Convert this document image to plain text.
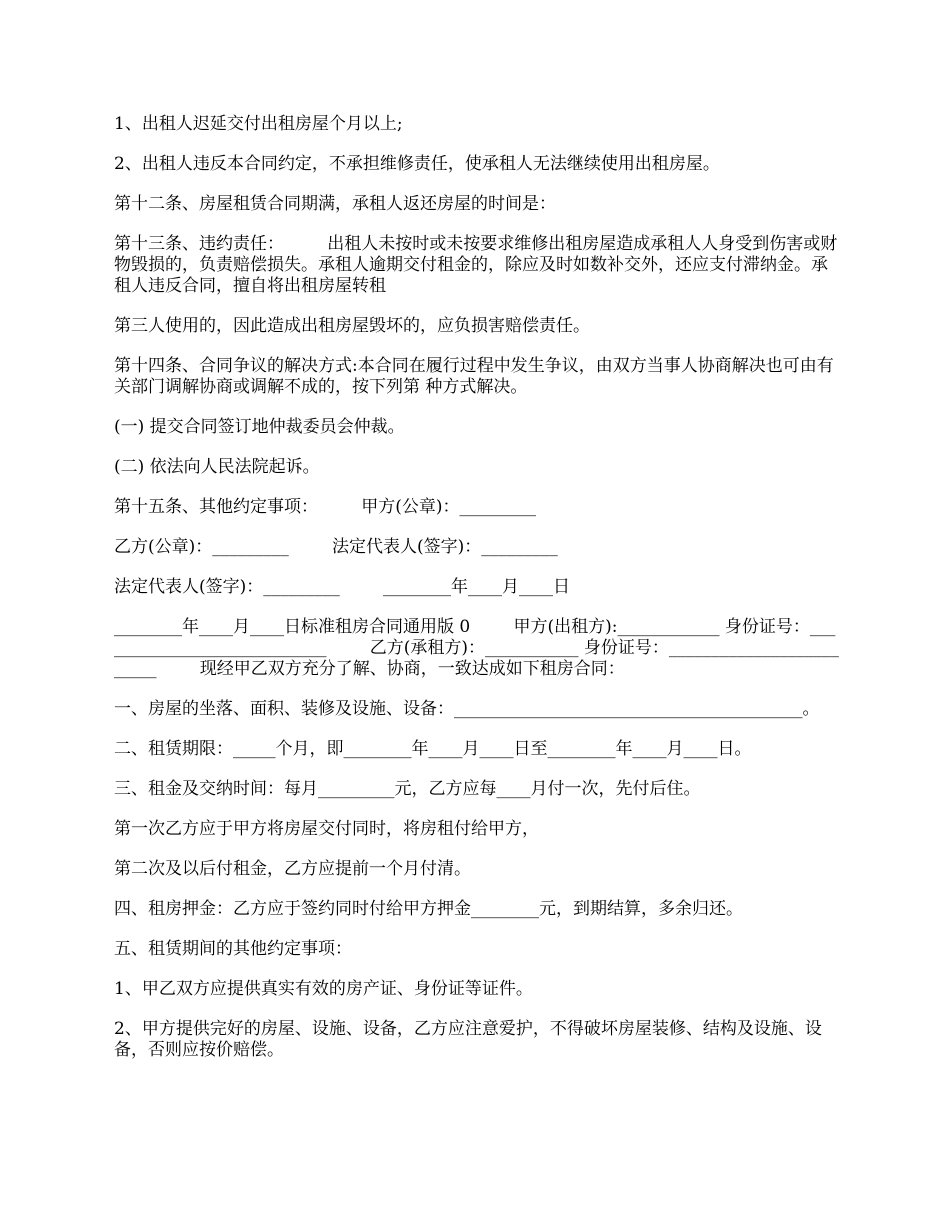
1、出租人迟延交付出租房屋个月以上;

2、出租人违反本合同约定，不承担维修责任，使承租人无法继续使用出租房屋。

第十二条、房屋租赁合同期满，承租人返还房屋的时间是：

第十三条、违约责任：        出租人未按时或未按要求维修出租房屋造成承租人人身受到伤害或财物毁损的，负责赔偿损失。承租人逾期交付租金的，除应及时如数补交外，还应支付滞纳金。承租人违反合同，擅自将出租房屋转租

第三人使用的，因此造成出租房屋毁坏的，应负损害赔偿责任。

第十四条、合同争议的解决方式:本合同在履行过程中发生争议，由双方当事人协商解决也可由有关部门调解协商或调解不成的，按下列第 种方式解决。

(一) 提交合同签订地仲裁委员会仲裁。

(二) 依法向人民法院起诉。

第十五条、其他约定事项：        甲方(公章)：_________

乙方(公章)：_________        法定代表人(签字)：_________

法定代表人(签字)：_________        ________年____月____日

________年____月____日标准租房合同通用版 0        甲方(出租方):____________ 身份证号：____________________________        乙方(承租方)：___________ 身份证号：_________________________        现经甲乙双方充分了解、协商，一致达成如下租房合同：

一、房屋的坐落、面积、装修及设施、设备：_________________________________________。

二、租赁期限：_____个月，即________年____月____日至________年____月____日。

三、租金及交纳时间：每月_________元，乙方应每____月付一次，先付后住。

第一次乙方应于甲方将房屋交付同时，将房租付给甲方，

第二次及以后付租金，乙方应提前一个月付清。

四、租房押金：乙方应于签约同时付给甲方押金________元，到期结算，多余归还。

五、租赁期间的其他约定事项：

1、甲乙双方应提供真实有效的房产证、身份证等证件。

2、甲方提供完好的房屋、设施、设备，乙方应注意爱护，不得破坏房屋装修、结构及设施、设备，否则应按价赔偿。
